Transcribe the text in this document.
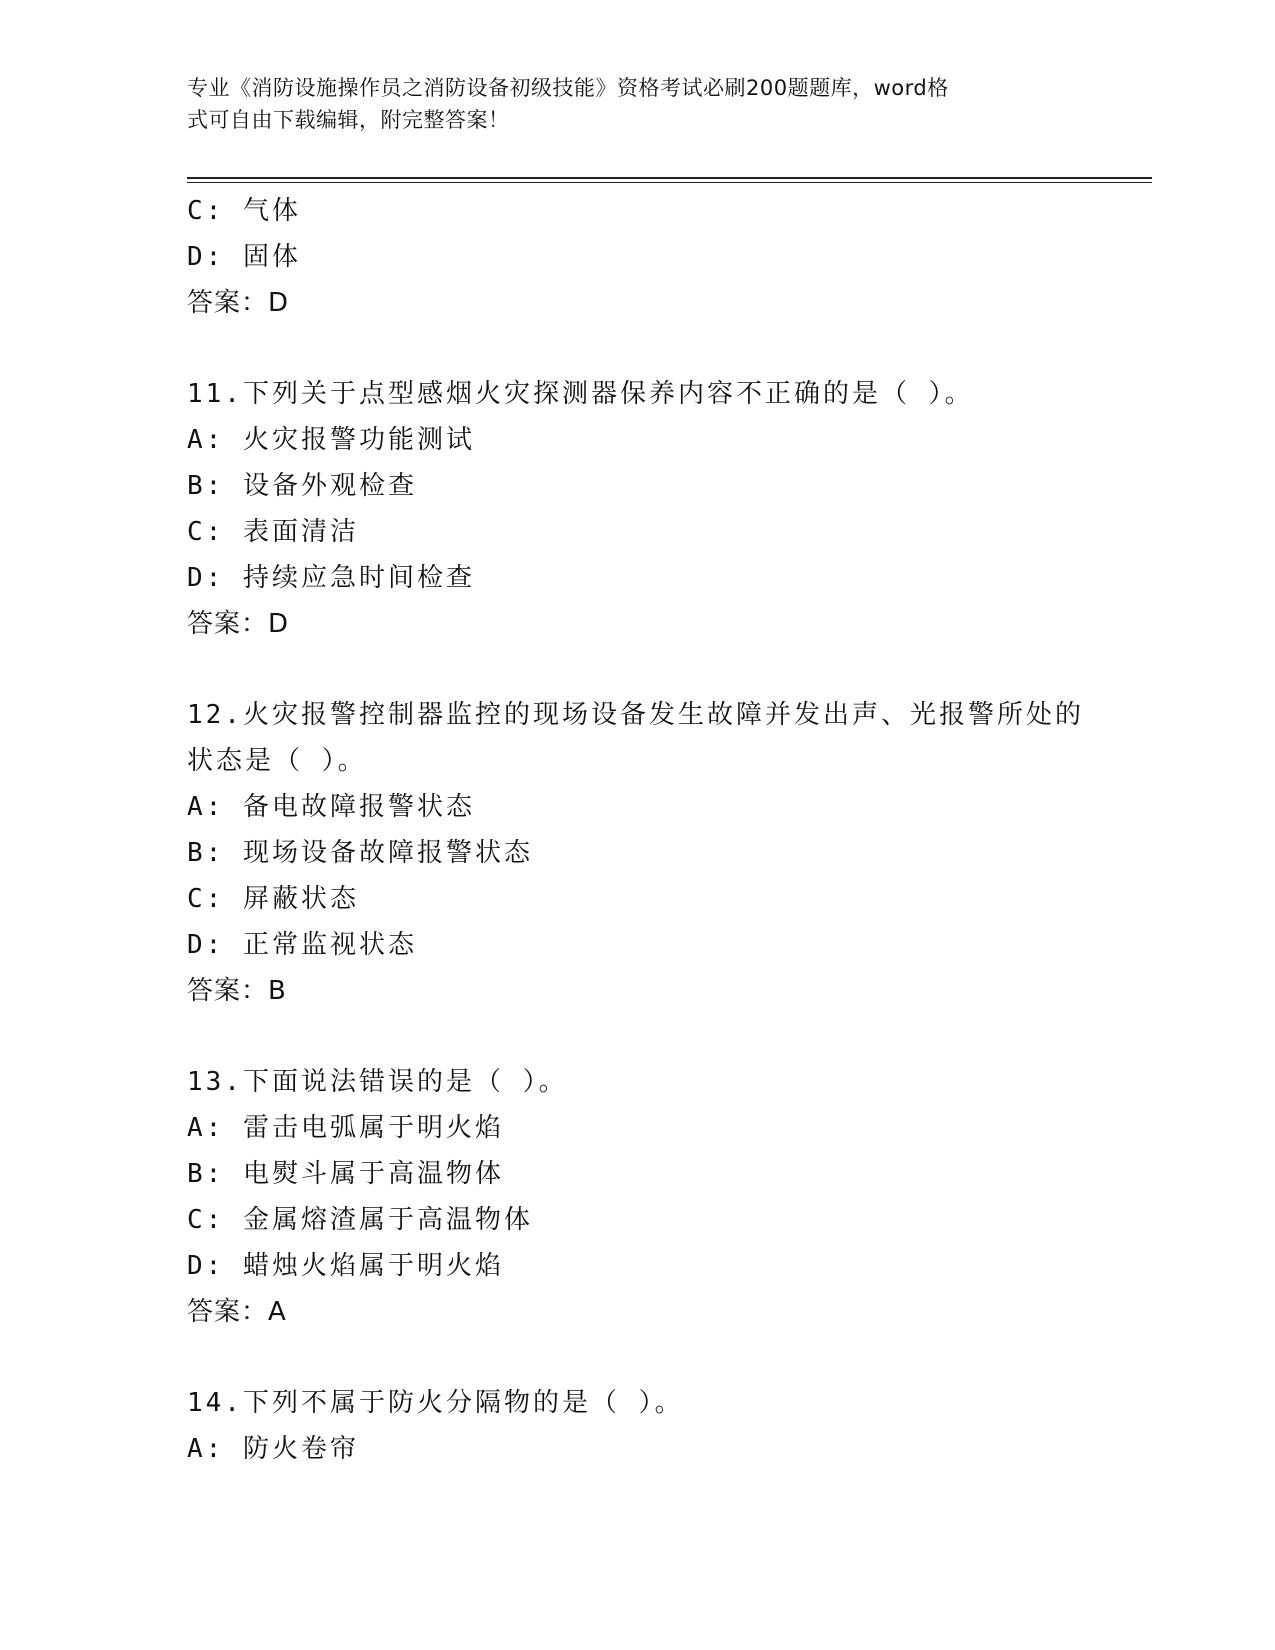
专业《消防设施操作员之消防设备初级技能》资格考试必刷200题题库，word格
式可自由下载编辑，附完整答案！
C: 气体
D: 固体
答案：D
11.下列关于点型感烟火灾探测器保养内容不正确的是（ ）。
A: 火灾报警功能测试
B: 设备外观检查
C: 表面清洁
D: 持续应急时间检查
答案：D
12.火灾报警控制器监控的现场设备发生故障并发出声、光报警所处的
状态是（ ）。
A: 备电故障报警状态
B: 现场设备故障报警状态
C: 屏蔽状态
D: 正常监视状态
答案：B
13.下面说法错误的是（ ）。
A: 雷击电弧属于明火焰
B: 电熨斗属于高温物体
C: 金属熔渣属于高温物体
D: 蜡烛火焰属于明火焰
答案：A
14.下列不属于防火分隔物的是（ ）。
A: 防火卷帘
